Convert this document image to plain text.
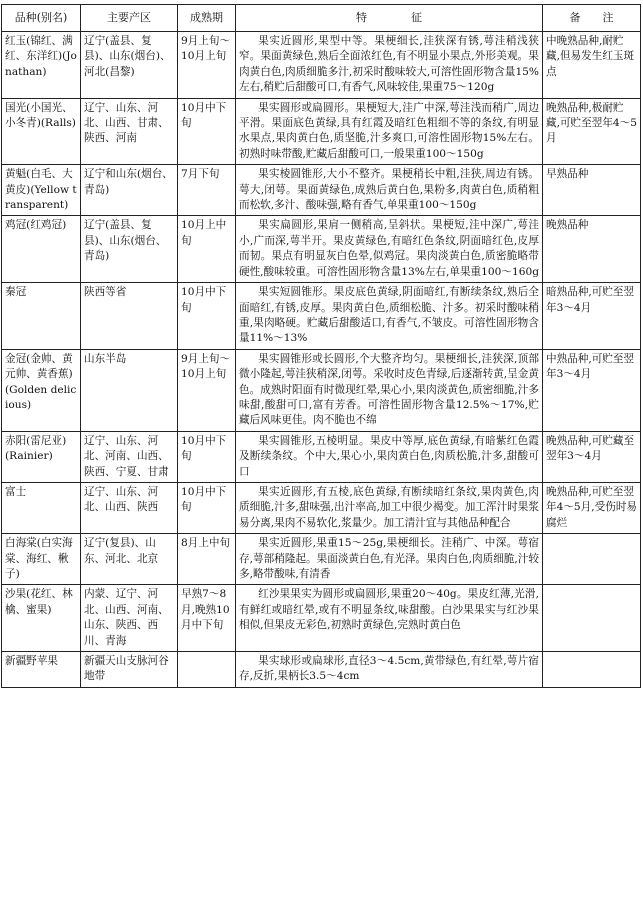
品种(别名)	主要产区	成熟期	特　　　　征	备　　注
红玉(锦红、满红、东洋红)(Jonathan)	辽宁(盖县、复县)、山东(烟台)、河北(昌黎)	9月上旬～10月上旬	果实近圆形,果型中等。果梗细长,洼狭深有锈,萼洼稍浅狭窄。果面黄绿色,熟后全面浓红色,有不明显小果点,外形美观。果肉黄白色,肉质细脆多汁,初采时酸味较大,可溶性固形物含量15%左右,稍贮后甜酸可口,有香气,风味较佳,果重75～120g	中晚熟品种,耐贮藏,但易发生红玉斑点
国光(小国光、小冬青)(Ralls)	辽宁、山东、河北、山西、甘肃、陕西、河南	10月中下旬	果实圆形或扁圆形。果梗短大,洼广中深,萼洼浅而稍广,周边平滑。果面底色黄绿,具有红霞及暗红色粗细不等的条纹,有明显水果点,果肉黄白色,质坚脆,汁多爽口,可溶性固形物15%左右。初熟时味带酸,贮藏后甜酸可口,一般果重100～150g	晚熟品种,极耐贮藏,可贮至翌年4～5月
黄魁(白毛、大黄皮)(Yellow transparent)	辽宁和山东(烟台、青岛)	7月下旬	果实棱圆锥形,大小不整齐。果梗稍长中粗,洼狭,周边有锈。萼大,闭萼。果面黄绿色,成熟后黄白色,果粉多,肉黄白色,质稍粗而松软,多汁、酸味强,略有香气,单果重100～150g	早熟品种
鸡冠(红鸡冠)	辽宁(盖县、复县)、山东(烟台、青岛)	10月上中旬	果实扁圆形,果肩一侧稍高,呈斜状。果梗短,洼中深广,萼洼小,广而深,萼半开。果皮黄绿色,有暗红色条纹,阴面暗红色,皮厚而韧。果点有明显灰白色晕,似鸡冠。果肉淡黄白色,质密脆略带硬性,酸味较重。可溶性固形物含量13%左右,单果重100～160g	晚熟品种
秦冠	陕西等省	10月中下旬	果实短圆锥形。果皮底色黄绿,阴面暗红,有断续条纹,熟后全面暗红,有锈,皮厚。果肉黄白色,质细松脆、汁多。初采时酸味稍重,果肉略硬。贮藏后甜酸适口,有香气,不皱皮。可溶性固形物含量11%～13%	暗熟品种,可贮至翌年3～4月
金冠(金帅、黄元帅、黄香蕉)(Golden delicious)	山东半岛	9月上旬～10月上旬	果实圆锥形或长圆形,个大整齐均匀。果梗细长,洼狭深,顶部微小隆起,萼洼狭稍深,闭萼。采收时皮色青绿,后逐渐转黄,呈金黄色。成熟时阳面有时微现红晕,果心小,果肉淡黄色,质密细脆,汁多味甜,酸甜可口,富有芳香。可溶性固形物含量12.5%～17%,贮藏后风味更佳。肉不脆也不绵	中熟品种,可贮至翌年3～4月
赤阳(雷尼亚)(Rainier)	辽宁、山东、河北、河南、山西、陕西、宁夏、甘肃	10月中下旬	果实圆锥形,五棱明显。果皮中等厚,底色黄绿,有暗紫红色霞及断续条纹。个中大,果心小,果肉黄白色,肉质松脆,汁多,甜酸可口	晚熟品种,可贮藏至翌年3～4月
富士	辽宁、山东、河北、山西、陕西	10月中下旬	果实近圆形,有五棱,底色黄绿,有断续暗红条纹,果肉黄色,肉质细脆,汁多,甜味强,出汁率高,加工中很少褐变。加工浑汁时果浆易分离,果肉不易软化,浆量少。加工清汁宜与其他品种配合	晚熟品种,可贮至翌年4～5月,受伤时易腐烂
白海棠(白实海棠、海红、楸子)	辽宁(复县)、山东、河北、北京	8月上中旬	果实近圆形,果重15～25g,果梗细长。洼稍广、中深。萼宿存,萼部稍隆起。果面淡黄白色,有光泽。果肉白色,肉质细脆,汁较多,略带酸味,有清香	
沙果(花红、林檎、蜜果)	内蒙、辽宁、河北、山西、河南、山东、陕西、西川、青海	早熟7～8月,晚熟10月中下旬	红沙果果实为圆形或扁圆形,果重20～40g。果皮红薄,光滑,有鲜红或暗红晕,或有不明显条纹,味甜酸。白沙果果实与红沙果相似,但果皮无彩色,初熟时黄绿色,完熟时黄白色	
新疆野苹果	新疆天山支脉河谷地带		果实球形或扁球形,直径3～4.5cm,黄带绿色,有红晕,萼片宿存,反折,果柄长3.5～4cm	
